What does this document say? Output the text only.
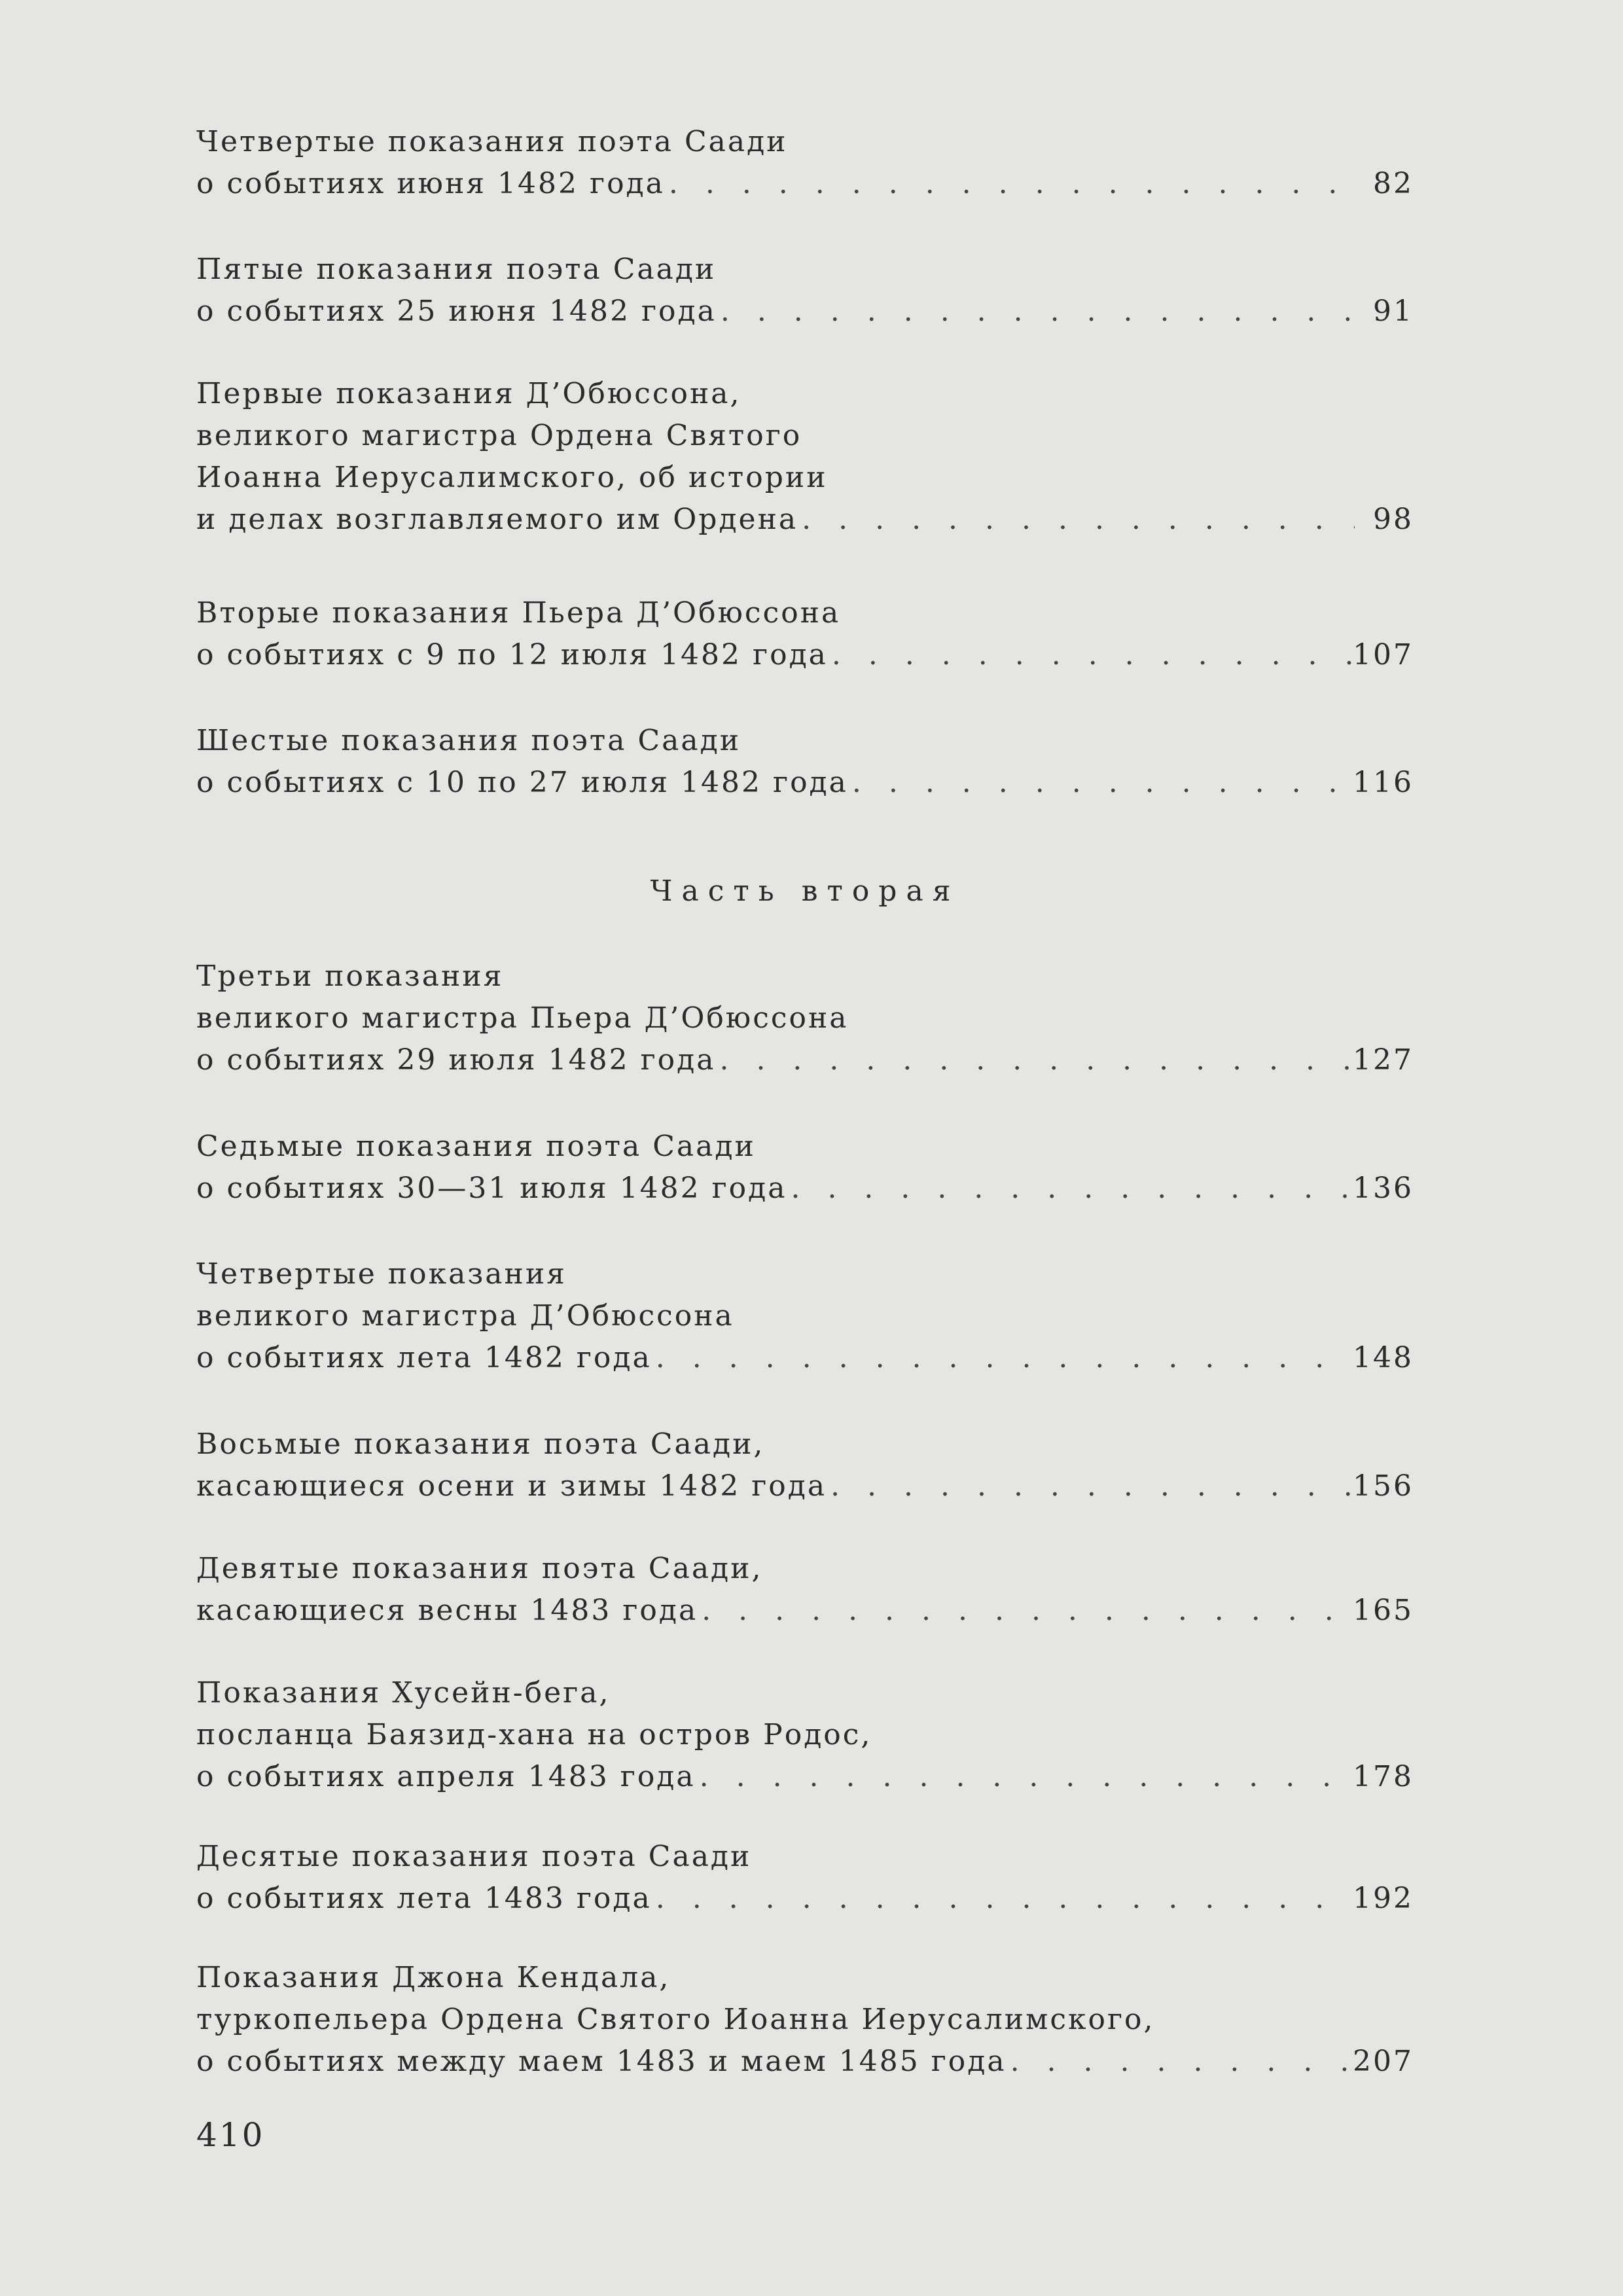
Четвертые показания поэта Саади
о событиях июня 1482 года . . .	82
Пятые показания поэта Саади
о событиях 25 июня 1482 года . . .	91
Первые показания Д’Обюссона,
великого магистра Ордена Святого
Иоанна Иерусалимского, об истории
и делах возглавляемого им Ордена . . .	98
Вторые показания Пьера Д’Обюссона
о событиях с 9 по 12 июля 1482 года . . .	107
Шестые показания поэта Саади
о событиях с 10 по 27 июля 1482 года . . .	116
Часть вторая
Третьи показания
великого магистра Пьера Д’Обюссона
о событиях 29 июля 1482 года . . .	127
Седьмые показания поэта Саади
о событиях 30—31 июля 1482 года . . .	136
Четвертые показания
великого магистра Д’Обюссона
о событиях лета 1482 года . . .	148
Восьмые показания поэта Саади,
касающиеся осени и зимы 1482 года . . .	156
Девятые показания поэта Саади,
касающиеся весны 1483 года . . .	165
Показания Хусейн-бега,
посланца Баязид-хана на остров Родос,
о событиях апреля 1483 года . . .	178
Десятые показания поэта Саади
о событиях лета 1483 года . . .	192
Показания Джона Кендала,
туркопельера Ордена Святого Иоанна Иерусалимского,
о событиях между маем 1483 и маем 1485 года . . .	207
410
